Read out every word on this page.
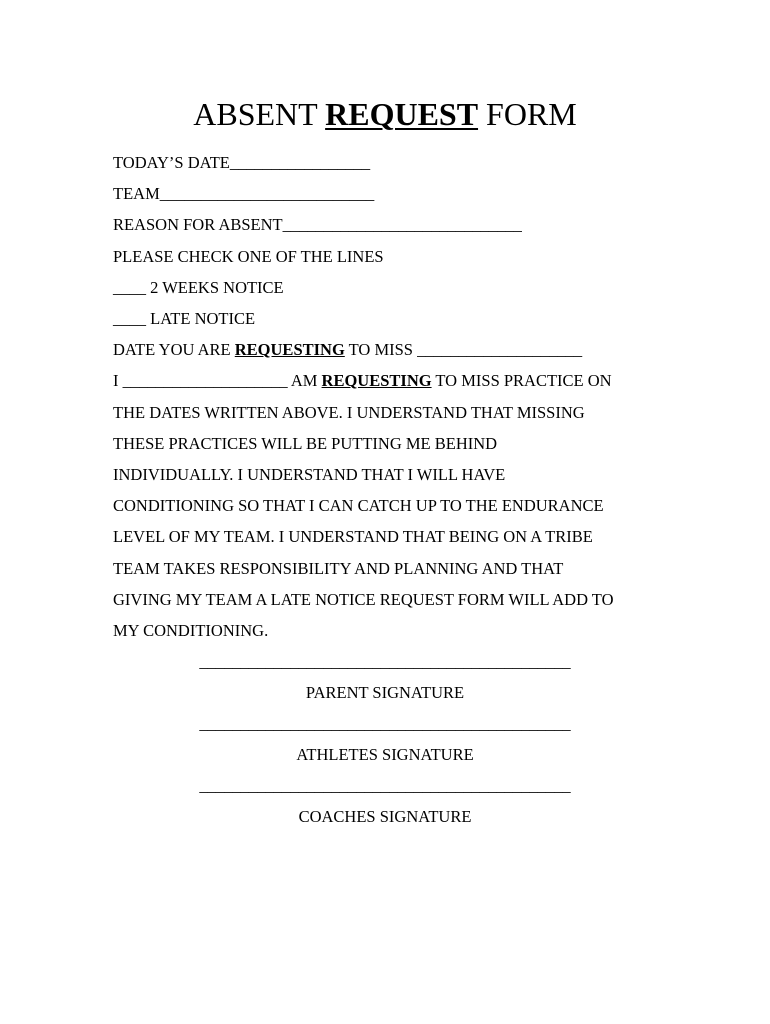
ABSENT REQUEST FORM
TODAY’S DATE_________________
TEAM__________________________
REASON FOR ABSENT_____________________________
PLEASE CHECK ONE OF THE LINES
____ 2 WEEKS NOTICE
____ LATE NOTICE
DATE YOU ARE REQUESTING TO MISS ____________________
I ____________________ AM REQUESTING TO MISS PRACTICE ON
THE DATES WRITTEN ABOVE. I UNDERSTAND THAT MISSING
THESE PRACTICES WILL BE PUTTING ME BEHIND
INDIVIDUALLY. I UNDERSTAND THAT I WILL HAVE
CONDITIONING SO THAT I CAN CATCH UP TO THE ENDURANCE
LEVEL OF MY TEAM. I UNDERSTAND THAT BEING ON A TRIBE
TEAM TAKES RESPONSIBILITY AND PLANNING AND THAT
GIVING MY TEAM A LATE NOTICE REQUEST FORM WILL ADD TO
MY CONDITIONING.
_____________________________________________
PARENT SIGNATURE
_____________________________________________
ATHLETES SIGNATURE
_____________________________________________
COACHES SIGNATURE
